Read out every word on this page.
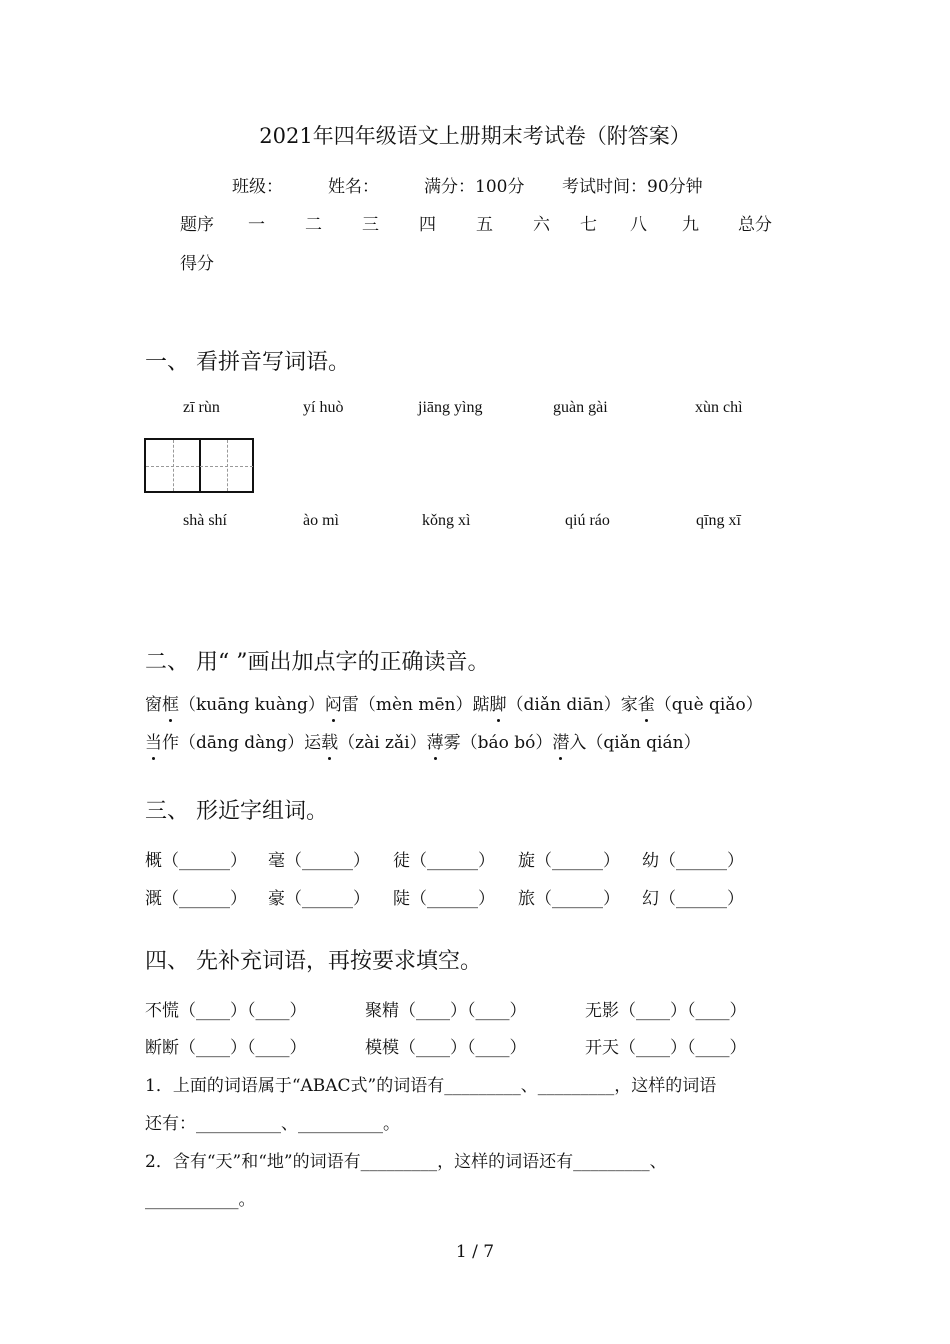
2021年四年级语文上册期末考试卷（附答案）
班级：	姓名：	满分：100分 考试时间：90分钟
题序 一 二 三 四 五 六 七 八 九 总分
得分
一、 看拼音写词语。
zī rùn	yí huò	jiāng yìng	guàn gài	xùn chì
shà shí	ào mì	kǒng xì	qiú ráo	qīng xī
二、 用“ ”画出加点字的正确读音。
窗框（kuāng kuàng）闷雷（mèn mēn）踮脚（diǎn diān）家雀（què qiǎo）
当作（dāng dàng）运载（zài zǎi）薄雾（báo bó）潜入（qiǎn qián）
三、 形近字组词。
概（______） 毫（______） 徒（______） 旋（______） 幼（______）
溉（______） 豪（______） 陡（______） 旅（______） 幻（______）
四、 先补充词语，再按要求填空。
不慌（____）（____）	聚精（____）（____）	无影（____）（____）
断断（____）（____）	模模（____）（____）	开天（____）（____）
1．上面的词语属于“ABAC式”的词语有_________、_________，这样的词语
还有：__________、__________。
2．含有“天”和“地”的词语有_________，这样的词语还有_________、
___________。
1 / 7
